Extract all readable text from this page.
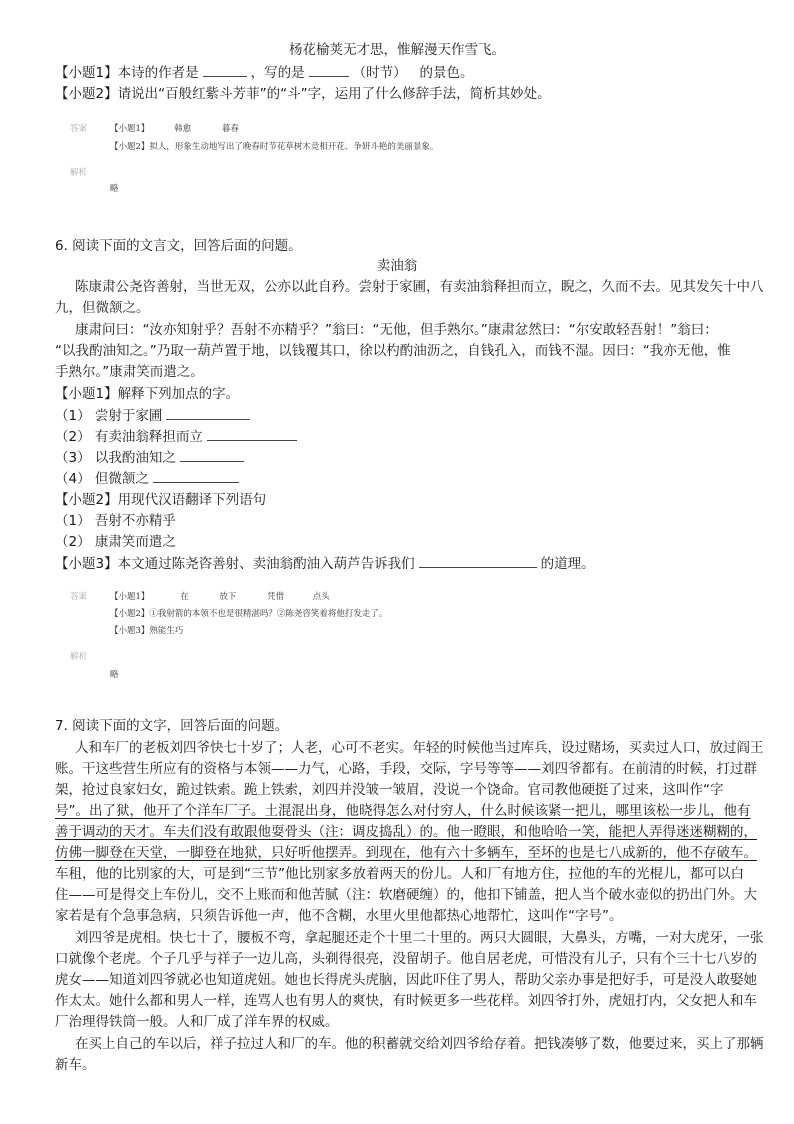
杨花榆荚无才思，惟解漫天作雪飞。
【小题1】本诗的作者是	，写的是	（时节） 的景色。
【小题2】请说出“百般红紫斗芳菲”的“斗”字，运用了什么修辞手法，简析其妙处。
答案	【小题1】	韩愈	暮春
【小题2】拟人，形象生动地写出了晚春时节花草树木竞相开花、争妍斗艳的美丽景象。
解析
略
6. 阅读下面的文言文，回答后面的问题。
卖油翁
陈康肃公尧咨善射，当世无双，公亦以此自矜。尝射于家圃，有卖油翁释担而立，睨之，久而不去。见其发矢十中八
九，但微颔之。
康肃问曰：“汝亦知射乎？吾射不亦精乎？”翁曰：“无他，但手熟尔。”康肃忿然曰：“尔安敢轻吾射！”翁曰：
“以我酌油知之。”乃取一葫芦置于地，以钱覆其口，徐以杓酌油沥之，自钱孔入，而钱不湿。因曰：“我亦无他，惟
手熟尔。”康肃笑而遣之。
【小题1】解释下列加点的字。
（1） 尝射于家圃
（2） 有卖油翁释担而立
（3） 以我酌油知之
（4） 但微颔之
【小题2】用现代汉语翻译下列语句
（1） 吾射不亦精乎
（2） 康肃笑而遣之
【小题3】本文通过陈尧咨善射、卖油翁酌油入葫芦告诉我们	的道理。
答案	【小题1】	在	放下	凭借	点头
【小题2】①我射箭的本领不也是很精湛吗？②陈尧咨笑着将他打发走了。
【小题3】熟能生巧
解析
略
7. 阅读下面的文字，回答后面的问题。
人和车厂的老板刘四爷快七十岁了；人老，心可不老实。年轻的时候他当过库兵，设过赌场，买卖过人口，放过阎王
账。干这些营生所应有的资格与本领——力气，心路，手段，交际，字号等等——刘四爷都有。在前清的时候，打过群
架，抢过良家妇女，跪过铁索。跪上铁索，刘四并没皱一皱眉，没说一个饶命。官司教他硬挺了过来，这叫作“字
号”。出了狱，他开了个洋车厂子。土混混出身，他晓得怎么对付穷人，什么时候该紧一把儿，哪里该松一步儿，他有
善于调动的天才。车夫们没有敢跟他耍骨头（注：调皮捣乱）的。他一瞪眼，和他哈哈一笑，能把人弄得迷迷糊糊的，
仿佛一脚登在天堂，一脚登在地狱，只好听他摆弄。到现在，他有六十多辆车，至坏的也是七八成新的，他不存破车。
车租，他的比别家的大，可是到“三节”他比别家多放着两天的份儿。人和厂有地方住，拉他的车的光棍儿，都可以白
住——可是得交上车份儿，交不上账而和他苦腻（注：软磨硬缠）的，他扣下铺盖，把人当个破水壶似的扔出门外。大
家若是有个急事急病，只须告诉他一声，他不含糊，水里火里他都热心地帮忙，这叫作“字号”。
刘四爷是虎相。快七十了，腰板不弯，拿起腿还走个十里二十里的。两只大圆眼，大鼻头，方嘴，一对大虎牙，一张
口就像个老虎。个子几乎与祥子一边儿高，头剃得很亮，没留胡子。他自居老虎，可惜没有儿子，只有个三十七八岁的
虎女——知道刘四爷就必也知道虎妞。她也长得虎头虎脑，因此吓住了男人，帮助父亲办事是把好手，可是没人敢娶她
作太太。她什么都和男人一样，连骂人也有男人的爽快，有时候更多一些花样。刘四爷打外，虎妞打内，父女把人和车
厂治理得铁筒一般。人和厂成了洋车界的权威。
在买上自己的车以后，祥子拉过人和厂的车。他的积蓄就交给刘四爷给存着。把钱凑够了数，他要过来，买上了那辆
新车。
